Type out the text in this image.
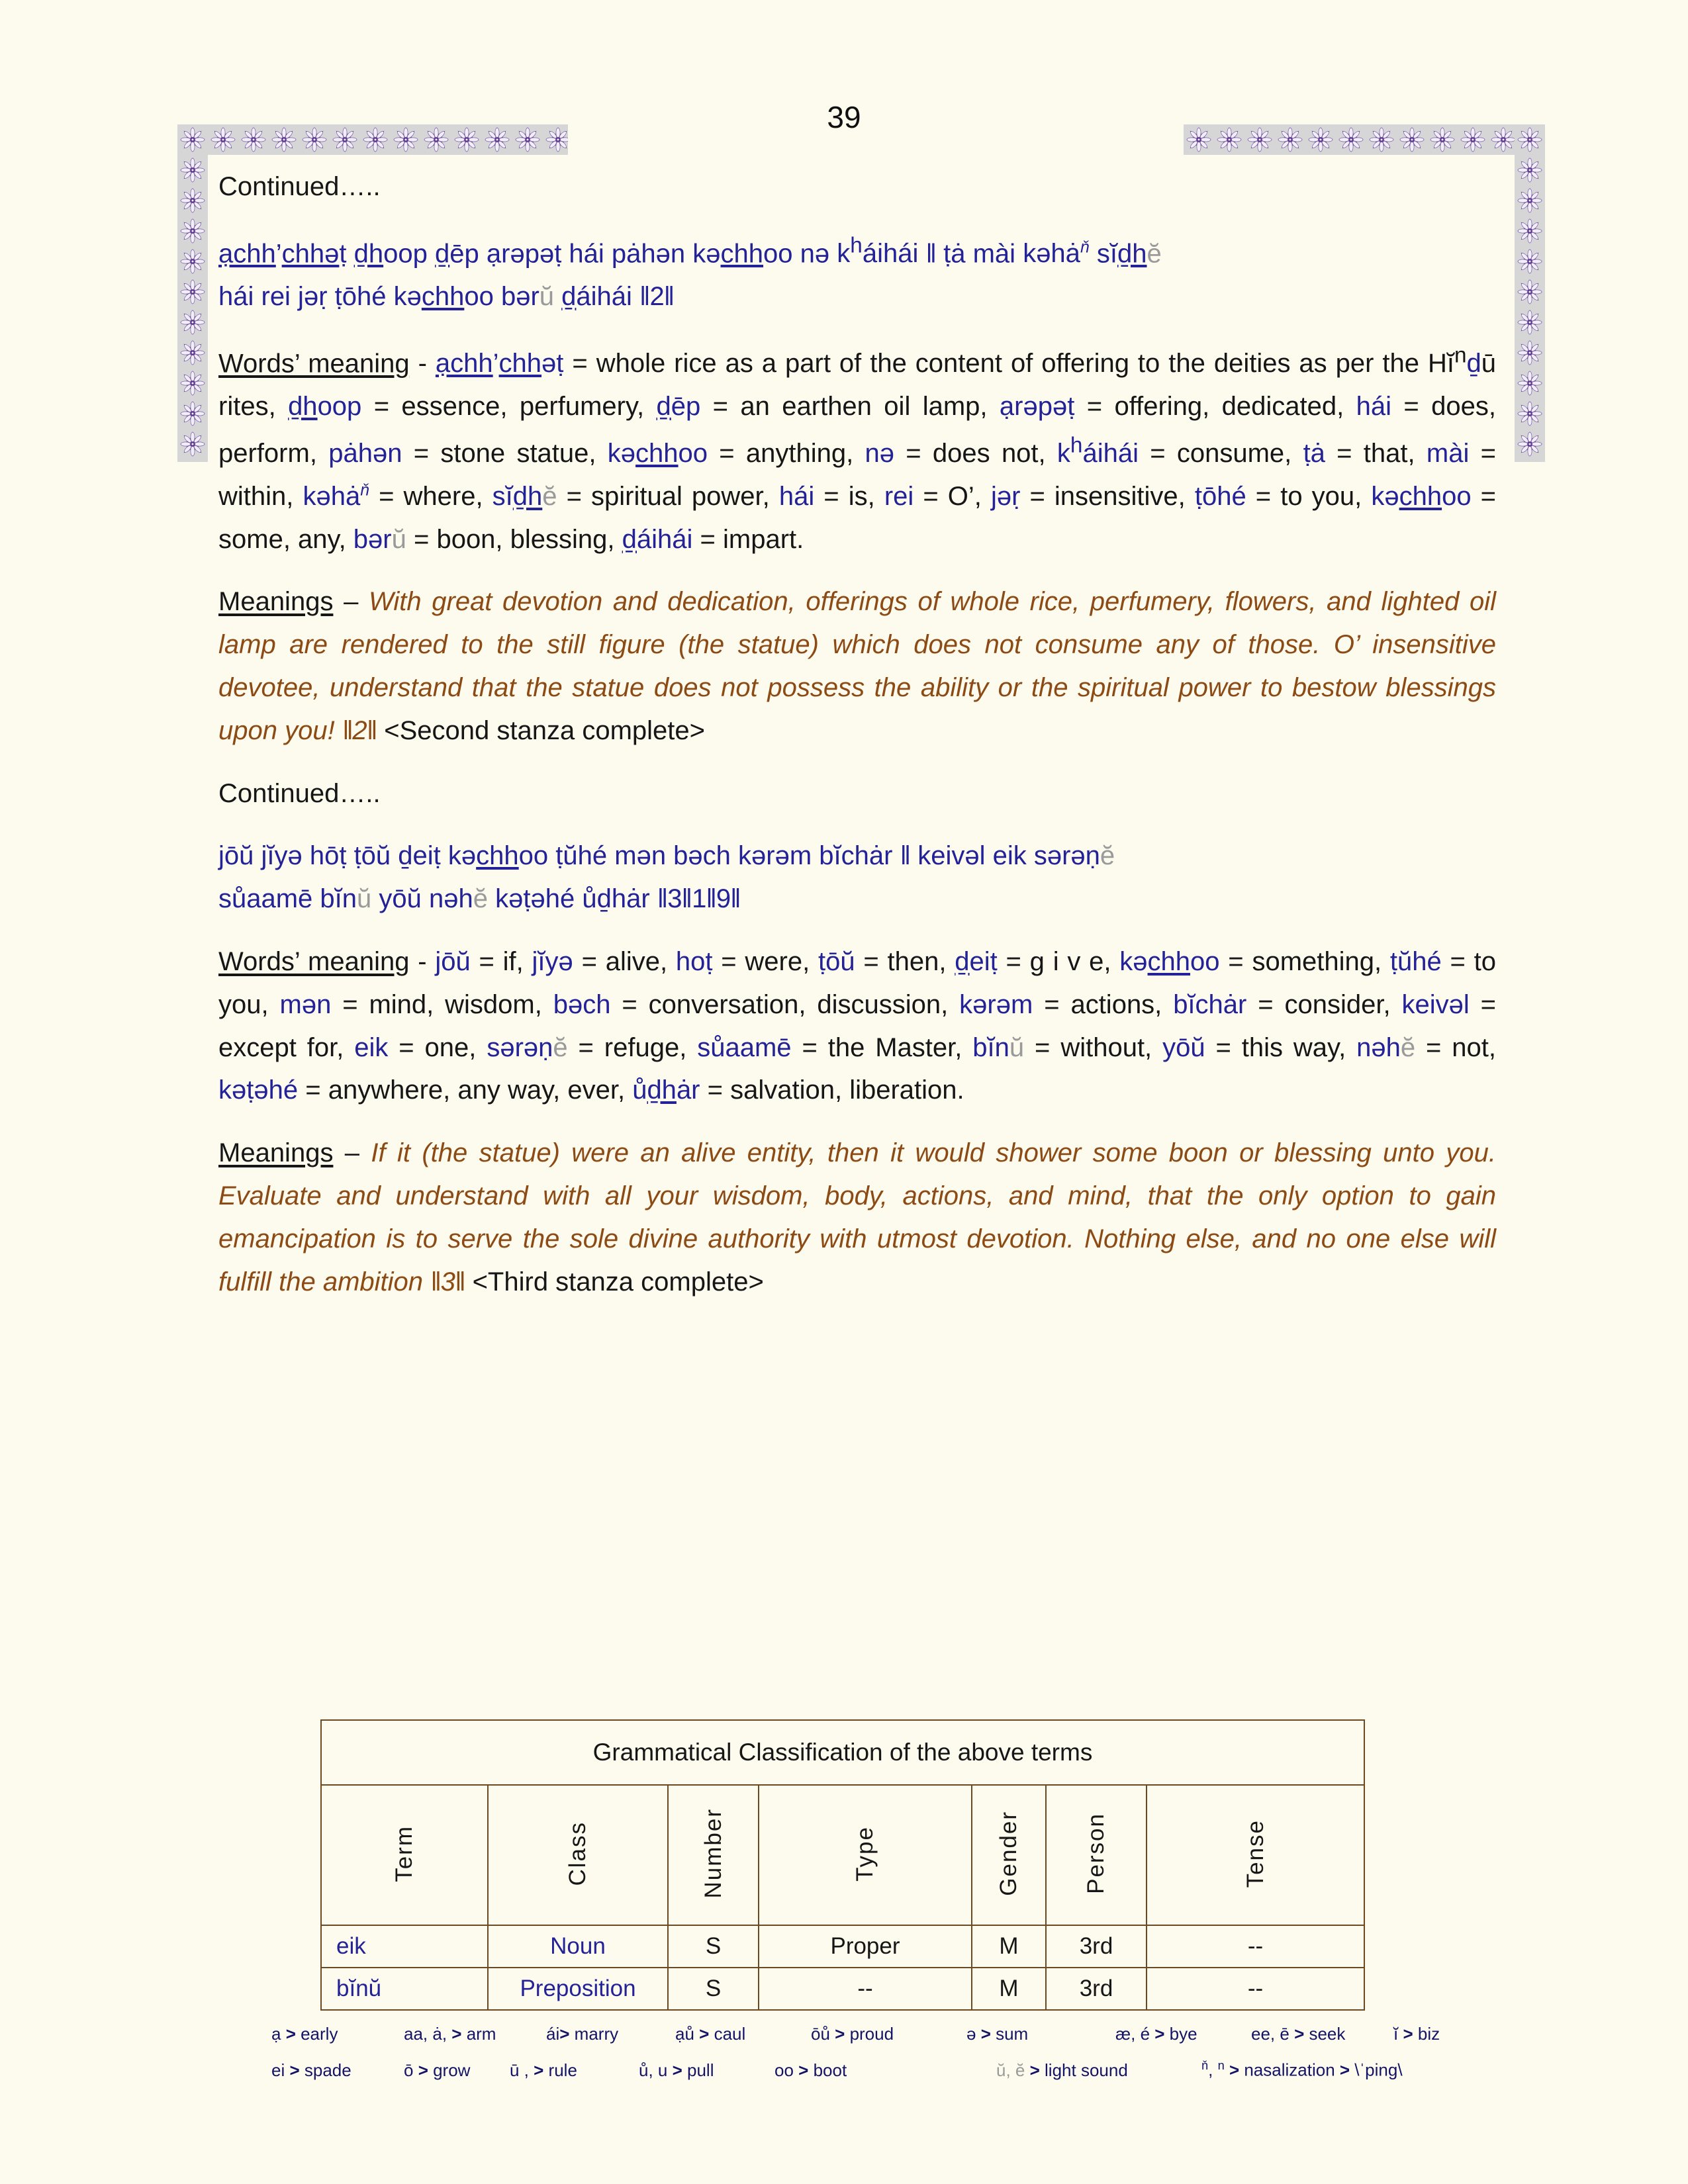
39

Continued…..

ạchh’chhəṭ ḏhoop ḏēp ạrəpəṭ hái pȧhən kəchhoo nə $k^háihái$ ‖ ṭȧ mài kəhȧ$^ň$ sĭḏhĕ
hái rei jəṛ ṭōhé kəchhoo bərŭ ḏáihái ‖2‖

Words’ meaning - ạchh’chhəṭ = whole rice as a part of the content of offering to the deities as per the $Hĭ^nḏū$ rites, ḏhoop = essence, perfumery, ḏēp = an earthen oil lamp, ạrəpəṭ = offering, dedicated, hái = does, perform, pȧhən = stone statue, kəchhoo = anything, nə = does not, $k^háihái$ = consume, ṭȧ = that, mài = within, kəhȧ$^ň$ = where, sĭḏhĕ = spiritual power, hái = is, rei = O’, jəṛ = insensitive, ṭōhé = to you, kəchhoo = some, any, bərŭ = boon, blessing, ḏáihái = impart.

Meanings – With great devotion and dedication, offerings of whole rice, perfumery, flowers, and lighted oil lamp are rendered to the still figure (the statue) which does not consume any of those. O’ insensitive devotee, understand that the statue does not possess the ability or the spiritual power to bestow blessings upon you! ‖2‖ <Second stanza complete>

Continued…..

jōŭ jĭyə hōṭ ṭōŭ ḏeiṭ kəchhoo ṭŭhé mən bəch kərəm bĭchȧr ‖ keivəl eik sərəṇĕ
sůaamē bĭnŭ yōŭ nəhĕ kəṭəhé ůḏhȧr ‖3‖1‖9‖

Words’ meaning - jōŭ = if, jĭyə = alive, hoṭ = were, ṭōŭ = then, ḏeiṭ = g i v e, kəchhoo = something, ṭŭhé = to you, mən = mind, wisdom, bəch = conversation, discussion, kərəm = actions, bĭchȧr = consider, keivəl = except for, eik = one, sərəṇĕ = refuge, sůaamē = the Master, bĭnŭ = without, yōŭ = this way, nəhĕ = not, kəṭəhé = anywhere, any way, ever, ůḏhȧr = salvation, liberation.

Meanings – If it (the statue) were an alive entity, then it would shower some boon or blessing unto you. Evaluate and understand with all your wisdom, body, actions, and mind, that the only option to gain emancipation is to serve the sole divine authority with utmost devotion. Nothing else, and no one else will fulfill the ambition ‖3‖ <Third stanza complete>

Grammatical Classification of the above terms						
Term	Class	Number	Type	Gender	Person	Tense
eik	Noun	S	Proper	M	3rd	--
bĭnŭ	Preposition	S	--	M	3rd	--
ạ > early	aa, ȧ, > arm	ái> marry	ạů > caul	ōů > proud	ə > sum	æ, é > bye	ee, ē > seek	ĭ > biz
ei > spade	ō > grow	ū , > rule	ů, u > pull	oo > boot	ŭ, ĕ > light sound	$^ň$, $^n$ > nasalization > \ˈping\
